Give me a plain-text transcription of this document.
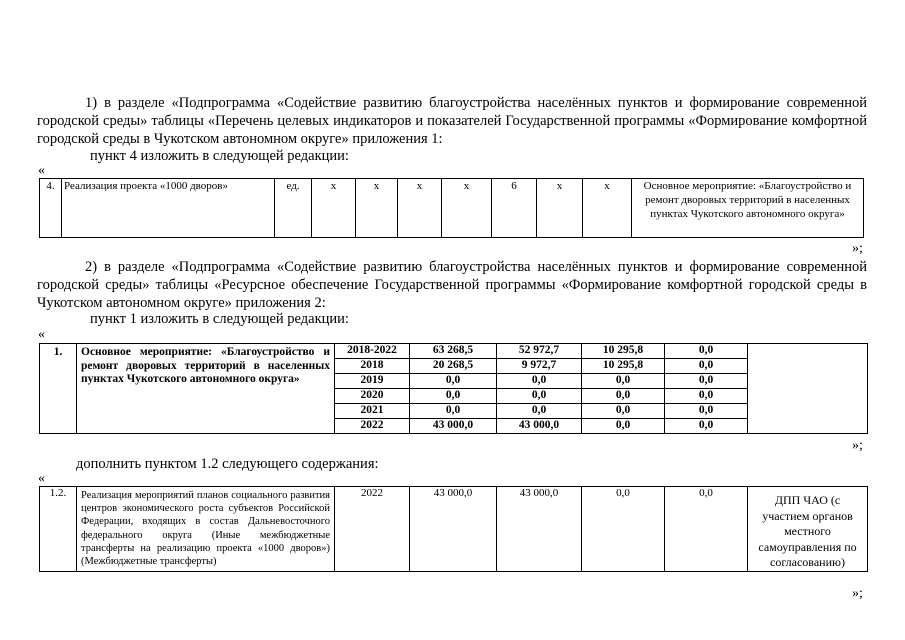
1) в разделе «Подпрограмма «Содействие развитию благоустройства населённых пунктов и формирование современной городской среды» таблицы «Перечень целевых индикаторов и показателей Государственной программы «Формирование комфортной городской среды в Чукотском автономном округе» приложения 1:

пункт 4 изложить в следующей редакции:
«
4.	Реализация проекта «1000 дворов»	ед.	х	х	х	х	6	х	х	Основное мероприятие: «Благоустройство и ремонт дворовых территорий в населенных пунктах Чукотского автономного округа»
»;

2) в разделе «Подпрограмма «Содействие развитию благоустройства населённых пунктов и формирование современной городской среды» таблицы «Ресурсное обеспечение Государственной программы «Формирование комфортной городской среды в Чукотском автономном округе» приложения 2:

пункт 1 изложить в следующей редакции:
«
1.	Основное мероприятие: «Благоустройство и ремонт дворовых территорий в населенных пунктах Чукотского автономного округа»	2018-2022	63 268,5	52 972,7	10 295,8	0,0	
		2018	20 268,5	9 972,7	10 295,8	0,0	
		2019	0,0	0,0	0,0	0,0	
		2020	0,0	0,0	0,0	0,0	
		2021	0,0	0,0	0,0	0,0	
		2022	43 000,0	43 000,0	0,0	0,0	
»;
дополнить пунктом 1.2 следующего содержания:
«
1.2.	Реализация мероприятий планов социального развития центров экономического роста субъектов Российской Федерации, входящих в состав Дальневосточного федерального округа (Иные межбюджетные трансферты на реализацию проекта «1000 дворов») (Межбюджетные трансферты)	2022	43 000,0	43 000,0	0,0	0,0	ДПП ЧАО (с участием органов местного самоуправления по согласованию)
»;
